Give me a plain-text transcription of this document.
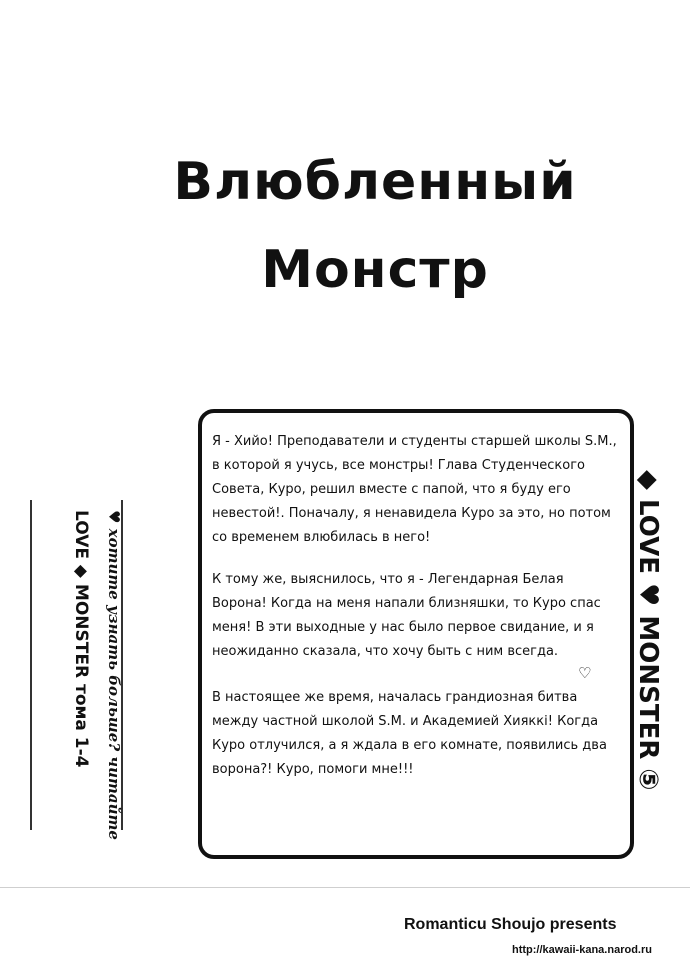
Влюбленный
Монстр

Я - Хийо! Преподаватели и студенты старшей школы S.M., в которой я учусь, все монстры! Глава Студенческого Совета, Куро, решил вместе с папой, что я буду его невестой!. Поначалу, я ненавидела Куро за это, но потом со временем влюбилась в него!

К тому же, выяснилось, что я - Легендарная Белая Ворона! Когда на меня напали близняшки, то Куро спас меня! В эти выходные у нас было первое свидание, и я неожиданно сказала, что хочу быть с ним всегда.

В настоящее же время, началась грандиозная битва между частной школой S.M. и Академией Хияккі! Когда Куро отлучился, а я ждала в его комнате, появились два ворона?! Куро, помоги мне!!!

♡ ◆ LOVE ♥ MONSTER ⑤
♥ хотите узнать больше? читайте
LOVE ◆ MONSTER тома 1-4
Romanticu Shoujo presents
http://kawaii-kana.narod.ru
